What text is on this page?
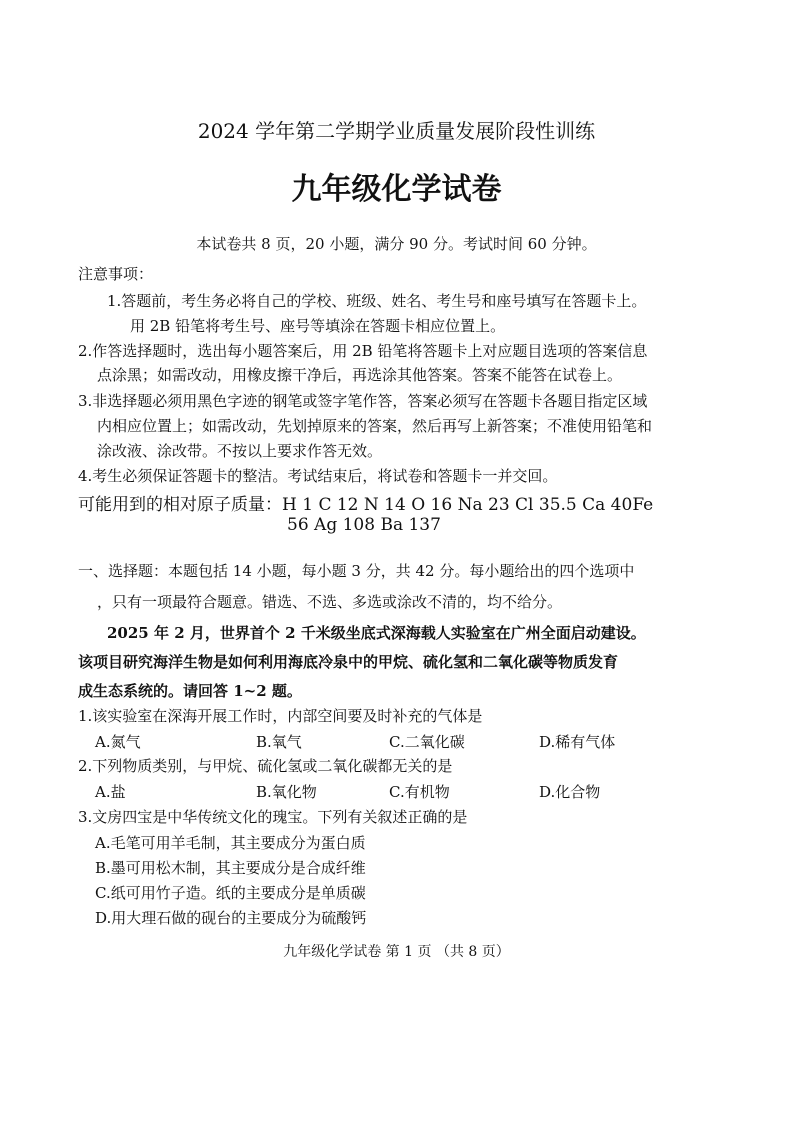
2024 学年第二学期学业质量发展阶段性训练
九年级化学试卷
本试卷共 8 页，20 小题，满分 90 分。考试时间 60 分钟。
注意事项：
1.答题前，考生务必将自己的学校、班级、姓名、考生号和座号填写在答题卡上。
用 2B 铅笔将考生号、座号等填涂在答题卡相应位置上。
2.作答选择题时，选出每小题答案后，用 2B 铅笔将答题卡上对应题目选项的答案信息
点涂黑；如需改动，用橡皮擦干净后，再选涂其他答案。答案不能答在试卷上。
3.非选择题必须用黑色字迹的钢笔或签字笔作答，答案必须写在答题卡各题目指定区域
内相应位置上；如需改动，先划掉原来的答案，然后再写上新答案；不准使用铅笔和
涂改液、涂改带。不按以上要求作答无效。
4.考生必须保证答题卡的整洁。考试结束后，将试卷和答题卡一并交回。
可能用到的相对原子质量：H 1 C 12 N 14 O 16 Na 23 Cl 35.5 Ca 40Fe
56 Ag 108 Ba 137
一、选择题：本题包括 14 小题，每小题 3 分，共 42 分。每小题给出的四个选项中
，只有一项最符合题意。错选、不选、多选或涂改不清的，均不给分。
2025 年 2 月，世界首个 2 千米级坐底式深海载人实验室在广州全面启动建设。
该项目研究海洋生物是如何利用海底冷泉中的甲烷、硫化氢和二氧化碳等物质发育
成生态系统的。请回答 1~2 题。
1.该实验室在深海开展工作时，内部空间要及时补充的气体是
A.氮气	B.氧气	C.二氧化碳	D.稀有气体
2.下列物质类别，与甲烷、硫化氢或二氧化碳都无关的是
A.盐	B.氧化物	C.有机物	D.化合物
3.文房四宝是中华传统文化的瑰宝。下列有关叙述正确的是
A.毛笔可用羊毛制，其主要成分为蛋白质
B.墨可用松木制，其主要成分是合成纤维
C.纸可用竹子造。纸的主要成分是单质碳
D.用大理石做的砚台的主要成分为硫酸钙
九年级化学试卷 第 1 页 （共 8 页）
